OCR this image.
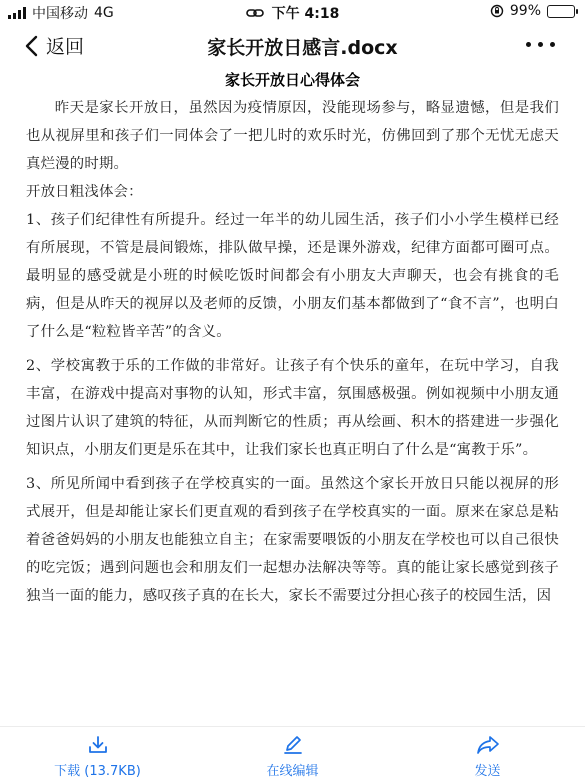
中国移动 4G	下午 4:18	99%
返回	家长开放日感言.docx
家长开放日心得体会

昨天是家长开放日，虽然因为疫情原因，没能现场参与，略显遗憾，但是我们也从视屏里和孩子们一同体会了一把儿时的欢乐时光，仿佛回到了那个无忧无虑天真烂漫的时期。

开放日粗浅体会：

1、孩子们纪律性有所提升。经过一年半的幼儿园生活，孩子们小小学生模样已经有所展现，不管是晨间锻炼，排队做早操，还是课外游戏，纪律方面都可圈可点。最明显的感受就是小班的时候吃饭时间都会有小朋友大声聊天，也会有挑食的毛病，但是从昨天的视屏以及老师的反馈，小朋友们基本都做到了“食不言”，也明白了什么是“粒粒皆辛苦”的含义。

2、学校寓教于乐的工作做的非常好。让孩子有个快乐的童年，在玩中学习，自我丰富，在游戏中提高对事物的认知，形式丰富，氛围感极强。例如视频中小朋友通过图片认识了建筑的特征，从而判断它的性质；再从绘画、积木的搭建进一步强化知识点，小朋友们更是乐在其中，让我们家长也真正明白了什么是“寓教于乐”。

3、所见所闻中看到孩子在学校真实的一面。虽然这个家长开放日只能以视屏的形式展开，但是却能让家长们更直观的看到孩子在学校真实的一面。原来在家总是粘着爸爸妈妈的小朋友也能独立自主；在家需要喂饭的小朋友在学校也可以自己很快的吃完饭；遇到问题也会和朋友们一起想办法解决等等。真的能让家长感觉到孩子独当一面的能力，感叹孩子真的在长大，家长不需要过分担心孩子的校园生活，因

下载 (13.7KB)	在线编辑	发送
